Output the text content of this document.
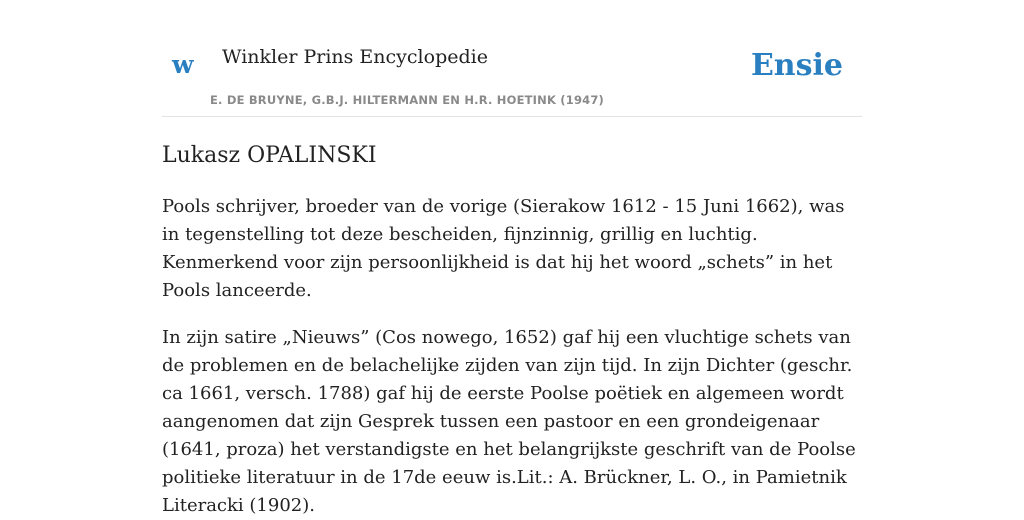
w Winkler Prins Encyclopedie
E. DE BRUYNE, G.B.J. HILTERMANN EN H.R. HOETINK (1947)
Ensie
Lukasz OPALINSKI

Pools schrijver, broeder van de vorige (Sierakow 1612 - 15 Juni 1662), was in tegenstelling tot deze bescheiden, fijnzinnig, grillig en luchtig. Kenmerkend voor zijn persoonlijkheid is dat hij het woord „schets” in het Pools lanceerde.

In zijn satire „Nieuws” (Cos nowego, 1652) gaf hij een vluchtige schets van de problemen en de belachelijke zijden van zijn tijd. In zijn Dichter (geschr. ca 1661, versch. 1788) gaf hij de eerste Poolse poëtiek en algemeen wordt aangenomen dat zijn Gesprek tussen een pastoor en een grondeigenaar (1641, proza) het verstandigste en het belangrijkste geschrift van de Poolse politieke literatuur in de 17de eeuw is.Lit.: A. Brückner, L. O., in Pamietnik Literacki (1902).
